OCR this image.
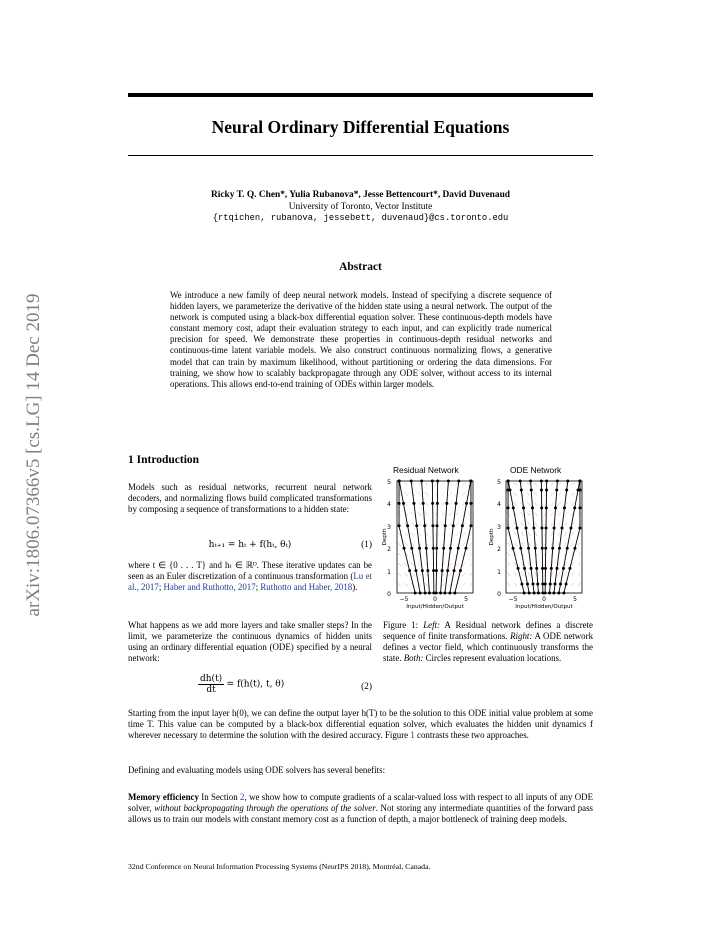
arXiv:1806.07366v5 [cs.LG] 14 Dec 2019
Neural Ordinary Differential Equations
Ricky T. Q. Chen*, Yulia Rubanova*, Jesse Bettencourt*, David Duvenaud
University of Toronto, Vector Institute
{rtqichen, rubanova, jessebett, duvenaud}@cs.toronto.edu
Abstract
We introduce a new family of deep neural network models. Instead of specifying a discrete sequence of hidden layers, we parameterize the derivative of the hidden state using a neural network. The output of the network is computed using a black-box differential equation solver. These continuous-depth models have constant memory cost, adapt their evaluation strategy to each input, and can explicitly trade numerical precision for speed. We demonstrate these properties in continuous-depth residual networks and continuous-time latent variable models. We also construct continuous normalizing flows, a generative model that can train by maximum likelihood, without partitioning or ordering the data dimensions. For training, we show how to scalably backpropagate through any ODE solver, without access to its internal operations. This allows end-to-end training of ODEs within larger models.
1 Introduction
Models such as residual networks, recurrent neural network decoders, and normalizing flows build complicated transformations by composing a sequence of transformations to a hidden state:
hₜ₊₁ = hₜ + f(hₜ, θₜ)	(1)
where t ∈ {0 . . . T} and hₜ ∈ ℝᴰ. These iterative updates can be seen as an Euler discretization of a continuous transformation (Lu et al., 2017; Haber and Ruthotto, 2017; Ruthotto and Haber, 2018).
What happens as we add more layers and take smaller steps? In the limit, we parameterize the continuous dynamics of hidden units using an ordinary differential equation (ODE) specified by a neural network:
$\frac{dh(t)}{dt} = f(h(t)$, t, θ)	(2)
Starting from the input layer h(0), we can define the output layer h(T) to be the solution to this ODE initial value problem at some time T. This value can be computed by a black-box differential equation solver, which evaluates the hidden unit dynamics f wherever necessary to determine the solution with the desired accuracy. Figure 1 contrasts these two approaches.
Defining and evaluating models using ODE solvers has several benefits:
Memory efficiency In Section 2, we show how to compute gradients of a scalar-valued loss with respect to all inputs of any ODE solver, without backpropagating through the operations of the solver. Not storing any intermediate quantities of the forward pass allows us to train our models with constant memory cost as a function of depth, a major bottleneck of training deep models.
Residual Network	ODE Network
5
4
3
2
1
0
−5	0	5
Input/Hidden/Output
Depth
5
4
3
2
1
0
−5	0	5
Input/Hidden/Output
Depth
Figure 1: Left: A Residual network defines a discrete sequence of finite transformations. Right: A ODE network defines a vector field, which continuously transforms the state. Both: Circles represent evaluation locations.
32nd Conference on Neural Information Processing Systems (NeurIPS 2018), Montréal, Canada.
